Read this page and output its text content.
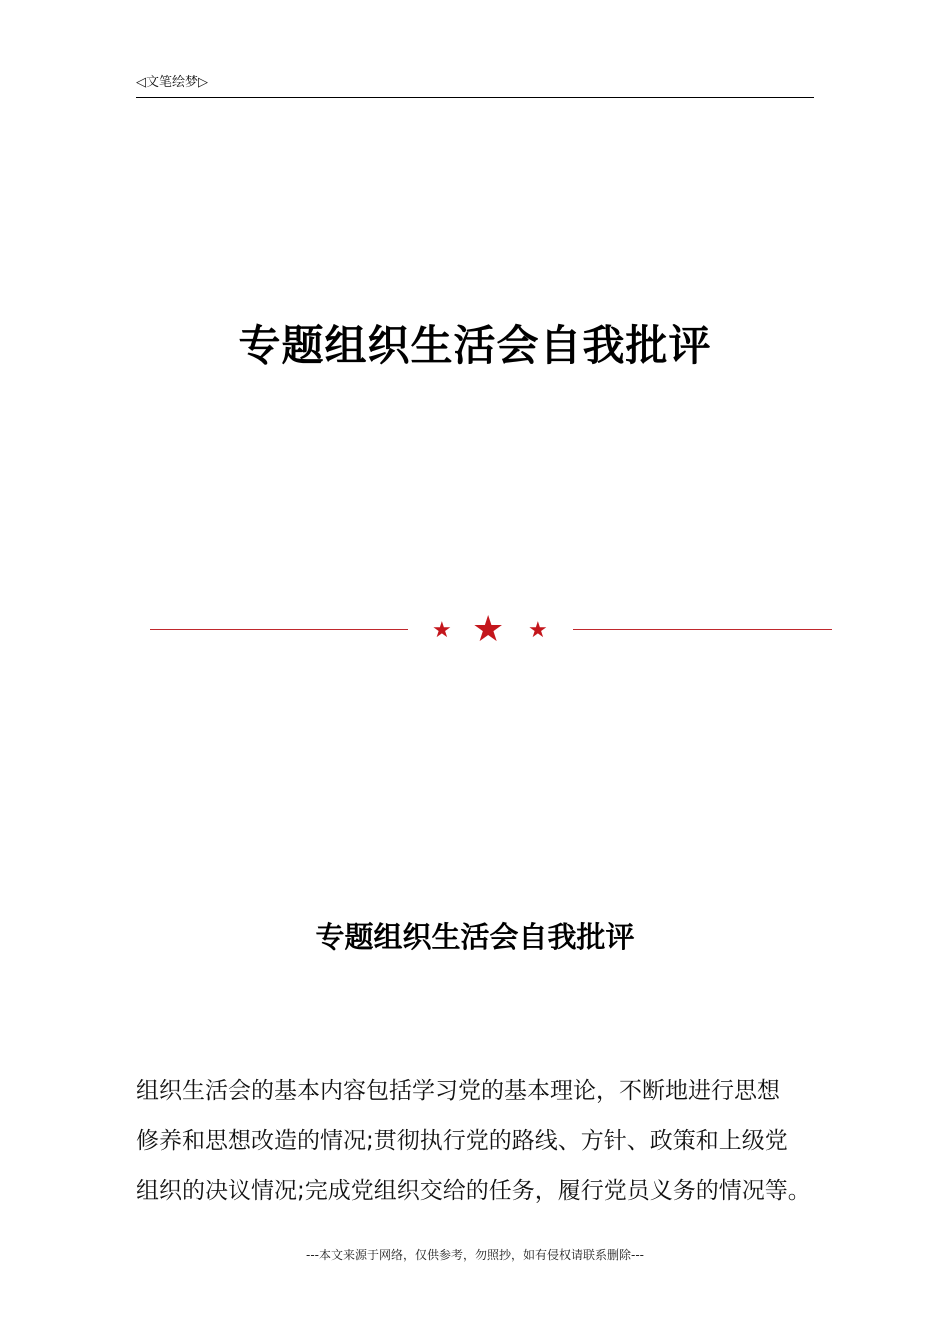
◁文笔绘梦▷
专题组织生活会自我批评
★ ★ ★
专题组织生活会自我批评
组织生活会的基本内容包括学习党的基本理论，不断地进行思想
修养和思想改造的情况;贯彻执行党的路线、方针、政策和上级党
组织的决议情况;完成党组织交给的任务，履行党员义务的情况等。
---本文来源于网络，仅供参考，勿照抄，如有侵权请联系删除---
